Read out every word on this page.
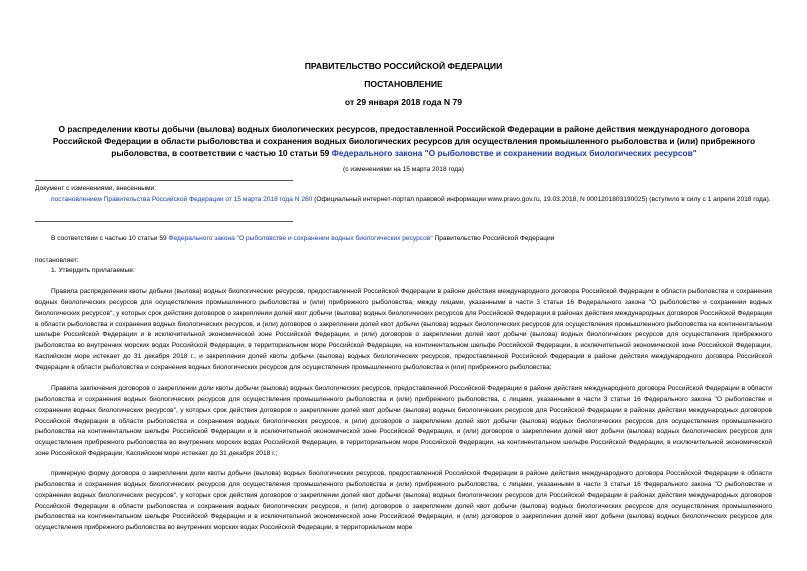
ПРАВИТЕЛЬСТВО РОССИЙСКОЙ ФЕДЕРАЦИИ
ПОСТАНОВЛЕНИЕ
от 29 января 2018 года N 79
О распределении квоты добычи (вылова) водных биологических ресурсов, предоставленной Российской Федерации в районе действия международного договора Российской Федерации в области рыболовства и сохранения водных биологических ресурсов для осуществления промышленного рыболовства и (или) прибрежного рыболовства, в соответствии с частью 10 статьи 59 Федерального закона "О рыболовстве и сохранении водных биологических ресурсов"
(с изменениями на 15 марта 2018 года)
Документ с изменениями, внесенными:
постановлением Правительства Российской Федерации от 15 марта 2018 года N 260 (Официальный интернет-портал правовой информации www.pravo.gov.ru, 19.03.2018, N 0001201803190025) (вступило в силу с 1 апреля 2018 года).
В соответствии с частью 10 статьи 59 Федерального закона "О рыболовстве и сохранении водных биологических ресурсов" Правительство Российской Федерации
постановляет:
1. Утвердить прилагаемые:
Правила распределения квоты добычи (вылова) водных биологических ресурсов, предоставленной Российской Федерации в районе действия международного договора Российской Федерации в области рыболовства и сохранения водных биологических ресурсов для осуществления промышленного рыболовства и (или) прибрежного рыболовства, между лицами, указанными в части 3 статьи 16 Федерального закона "О рыболовстве и сохранении водных биологических ресурсов", у которых срок действия договоров о закреплении долей квот добычи (вылова) водных биологических ресурсов для Российской Федерации в районах действия международных договоров Российской Федерации в области рыболовства и сохранения водных биологических ресурсов, и (или) договоров о закреплении долей квот добычи (вылова) водных биологических ресурсов для осуществления промышленного рыболовства на континентальном шельфе Российской Федерации и в исключительной экономической зоне Российской Федерации, и (или) договоров о закреплении долей квот добычи (вылова) водных биологических ресурсов для осуществления прибрежного рыболовства во внутренних морских водах Российской Федерации, в территориальном море Российской Федерации, на континентальном шельфе Российской Федерации, в исключительной экономической зоне Российской Федерации, Каспийском море истекает до 31 декабря 2018 г., и закрепления долей квоты добычи (вылова) водных биологических ресурсов, предоставленной Российской Федерации в районе действия международного договора Российской Федерации в области рыболовства и сохранения водных биологических ресурсов для осуществления промышленного рыболовства и (или) прибрежного рыболовства;
Правила заключения договоров о закреплении доли квоты добычи (вылова) водных биологических ресурсов, предоставленной Российской Федерации в районе действия международного договора Российской Федерации в области рыболовства и сохранения водных биологических ресурсов для осуществления промышленного рыболовства и (или) прибрежного рыболовства, с лицами, указанными в части 3 статьи 16 Федерального закона "О рыболовстве и сохранении водных биологических ресурсов", у которых срок действия договоров о закреплении долей квот добычи (вылова) водных биологических ресурсов для Российской Федерации в районах действия международных договоров Российской Федерации в области рыболовства и сохранения водных биологических ресурсов, и (или) договоров о закреплении долей квот добычи (вылова) водных биологических ресурсов для осуществления промышленного рыболовства на континентальном шельфе Российской Федерации и в исключительной экономической зоне Российской Федерации, и (или) договоров о закреплении долей квот добычи (вылова) водных биологических ресурсов для осуществления прибрежного рыболовства во внутренних морских водах Российской Федерации, в территориальном море Российской Федерации, на континентальном шельфе Российской Федерации, в исключительной экономической зоне Российской Федерации, Каспийском море истекает до 31 декабря 2018 г.;
примерную форму договора о закреплении доли квоты добычи (вылова) водных биологических ресурсов, предоставленной Российской Федерации в районе действия международного договора Российской Федерации в области рыболовства и сохранения водных биологических ресурсов для осуществления промышленного рыболовства и (или) прибрежного рыболовства, с лицами, указанными в части 3 статьи 16 Федерального закона "О рыболовстве и сохранении водных биологических ресурсов", у которых срок действия договоров о закреплении долей квот добычи (вылова) водных биологических ресурсов для Российской Федерации в районах действия международных договоров Российской Федерации в области рыболовства и сохранения водных биологических ресурсов, и (или) договоров о закреплении долей квот добычи (вылова) водных биологических ресурсов для осуществления промышленного рыболовства на континентальном шельфе Российской Федерации и в исключительной экономической зоне Российской Федерации, и (или) договоров о закреплении долей квот добычи (вылова) водных биологических ресурсов для осуществления прибрежного рыболовства во внутренних морских водах Российской Федерации, в территориальном море
